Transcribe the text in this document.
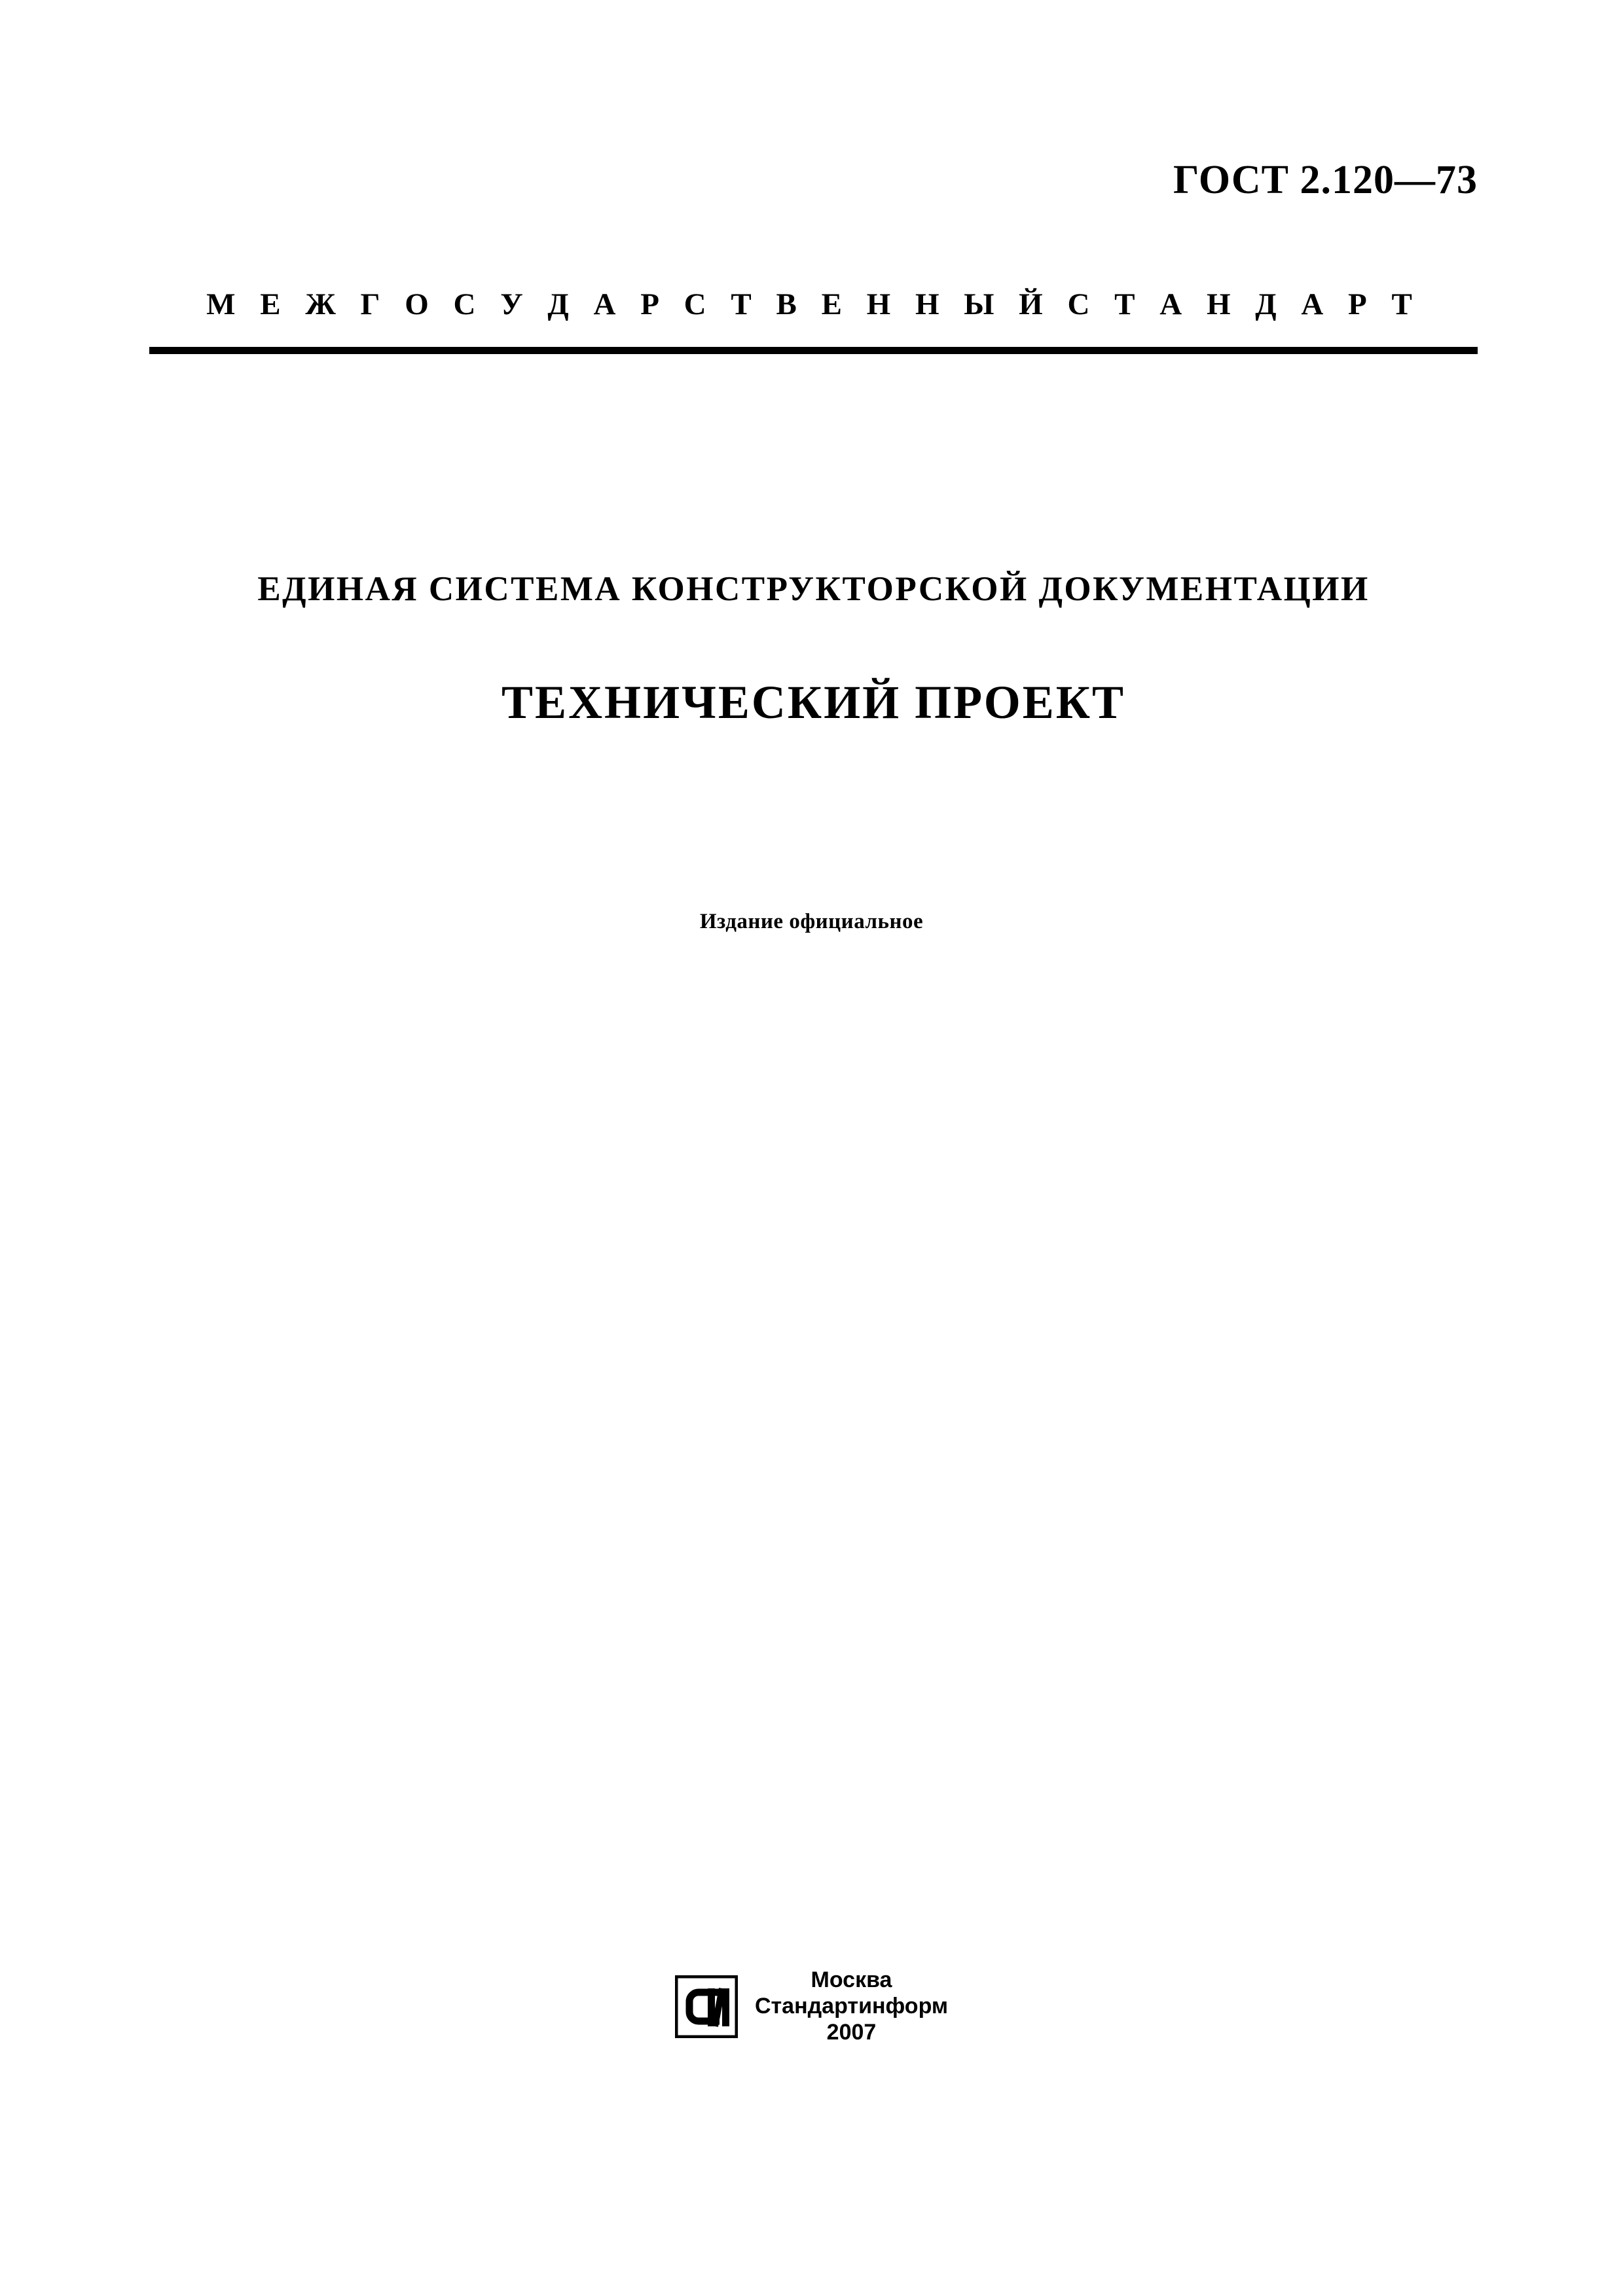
ГОСТ 2.120—73
М Е Ж Г О С У Д А Р С Т В Е Н Н Ы Й С Т А Н Д А Р Т
ЕДИНАЯ СИСТЕМА КОНСТРУКТОРСКОЙ ДОКУМЕНТАЦИИ
ТЕХНИЧЕСКИЙ ПРОЕКТ
Издание официальное
Москва
Стандартинформ
2007
